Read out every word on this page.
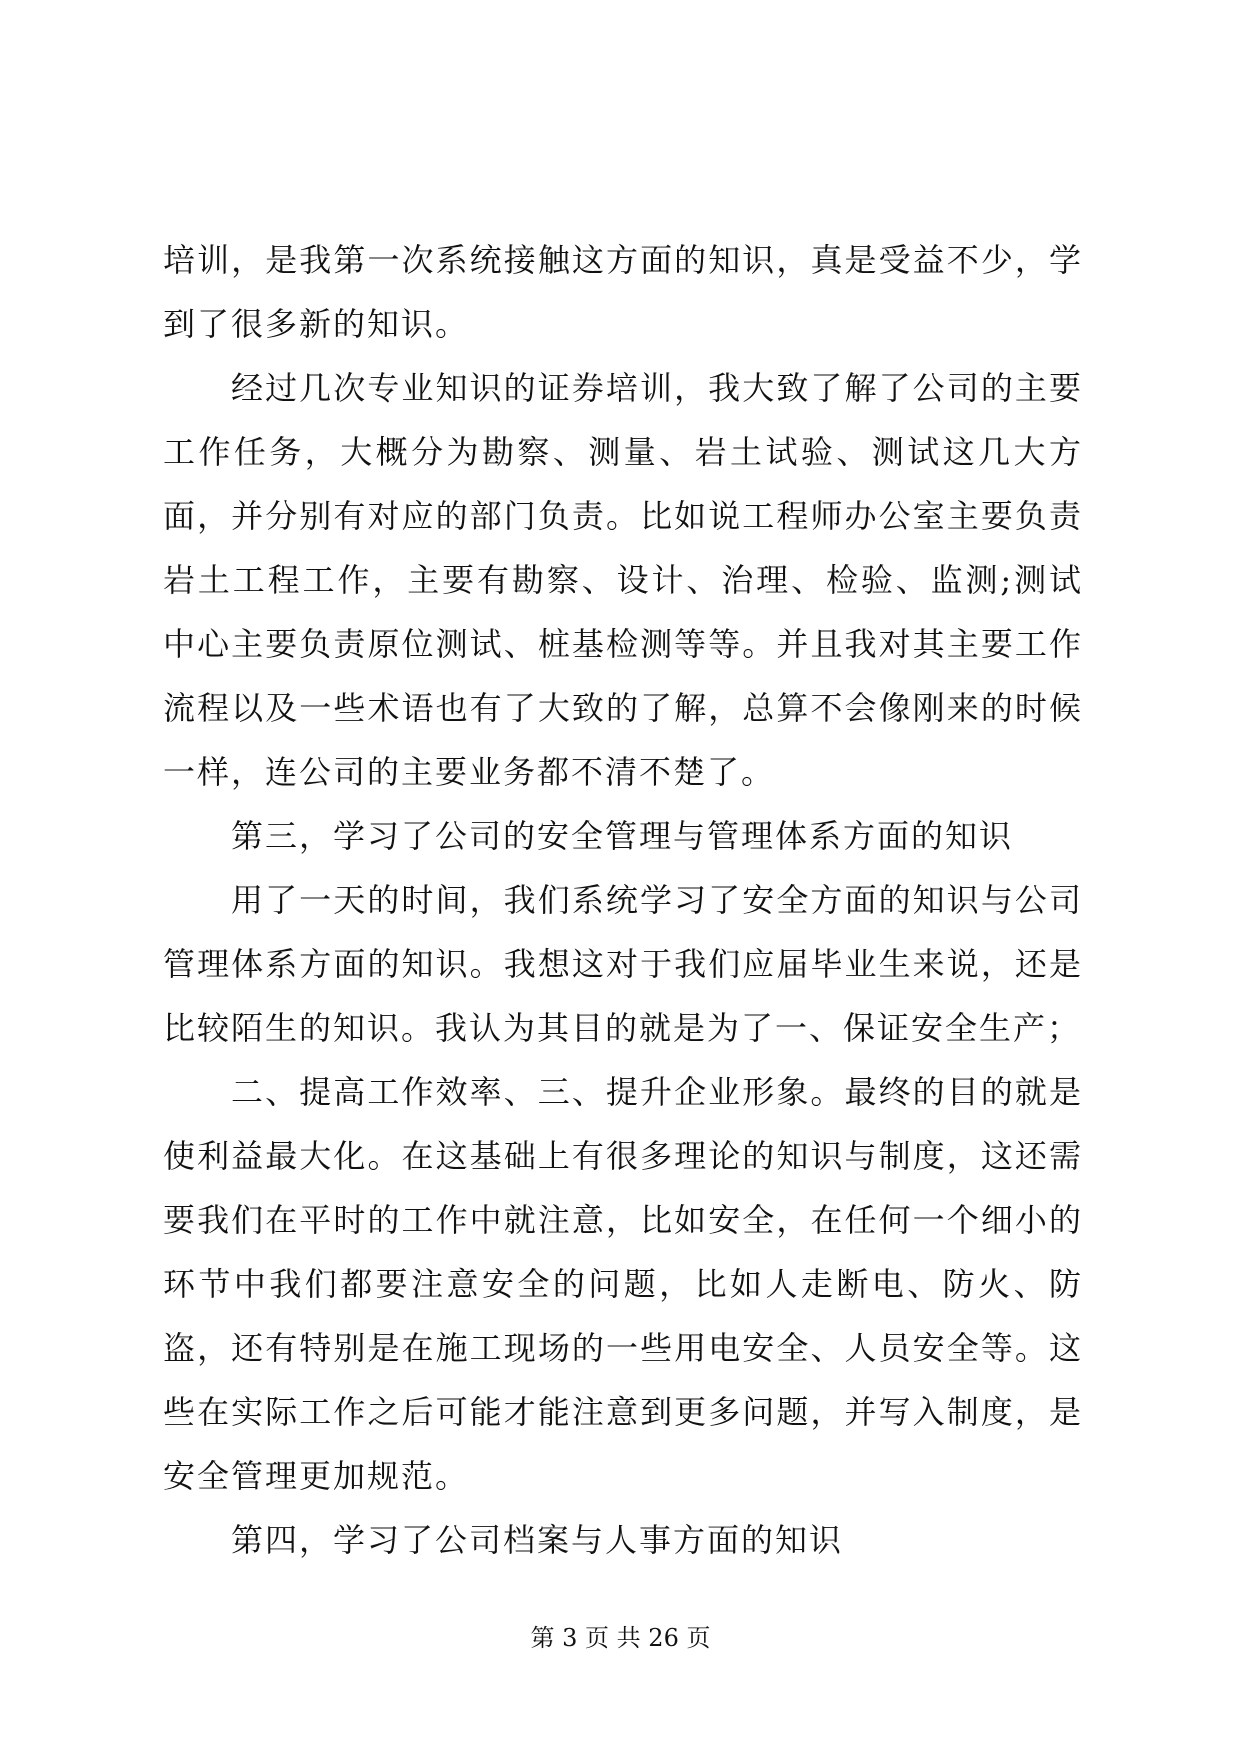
培训，是我第一次系统接触这方面的知识，真是受益不少，学到了很多新的知识。

经过几次专业知识的证券培训，我大致了解了公司的主要工作任务，大概分为勘察、测量、岩土试验、测试这几大方面，并分别有对应的部门负责。比如说工程师办公室主要负责岩土工程工作，主要有勘察、设计、治理、检验、监测;测试中心主要负责原位测试、桩基检测等等。并且我对其主要工作流程以及一些术语也有了大致的了解，总算不会像刚来的时候一样，连公司的主要业务都不清不楚了。

第三，学习了公司的安全管理与管理体系方面的知识

用了一天的时间，我们系统学习了安全方面的知识与公司管理体系方面的知识。我想这对于我们应届毕业生来说，还是比较陌生的知识。我认为其目的就是为了一、保证安全生产；

二、提高工作效率、三、提升企业形象。最终的目的就是使利益最大化。在这基础上有很多理论的知识与制度，这还需要我们在平时的工作中就注意，比如安全，在任何一个细小的环节中我们都要注意安全的问题，比如人走断电、防火、防盗，还有特别是在施工现场的一些用电安全、人员安全等。这些在实际工作之后可能才能注意到更多问题，并写入制度，是安全管理更加规范。

第四，学习了公司档案与人事方面的知识

第 3 页 共 26 页
